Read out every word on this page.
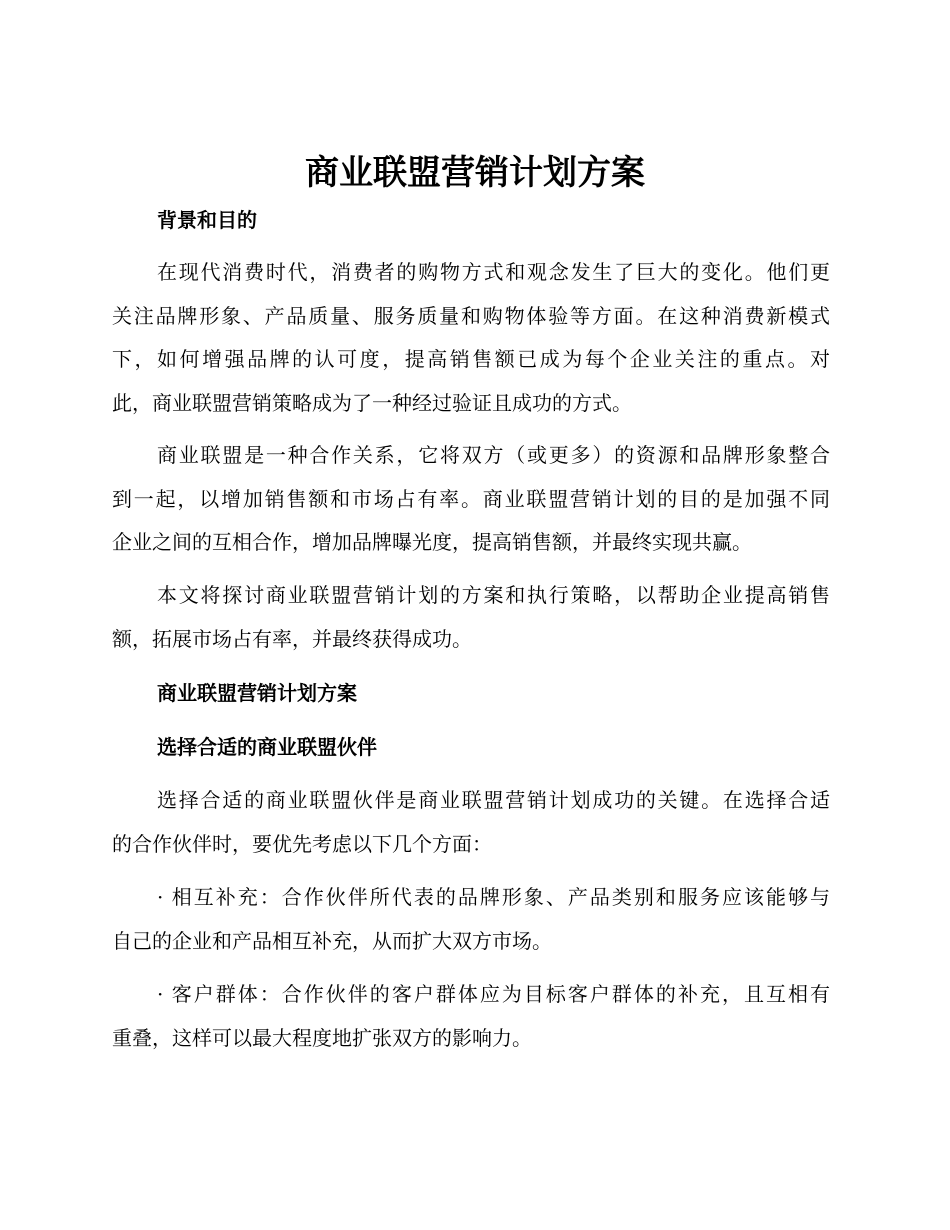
商业联盟营销计划方案
背景和目的

在现代消费时代，消费者的购物方式和观念发生了巨大的变化。他们更
关注品牌形象、产品质量、服务质量和购物体验等方面。在这种消费新模式
下，如何增强品牌的认可度，提高销售额已成为每个企业关注的重点。对
此，商业联盟营销策略成为了一种经过验证且成功的方式。

商业联盟是一种合作关系，它将双方（或更多）的资源和品牌形象整合
到一起，以增加销售额和市场占有率。商业联盟营销计划的目的是加强不同
企业之间的互相合作，增加品牌曝光度，提高销售额，并最终实现共赢。

本文将探讨商业联盟营销计划的方案和执行策略，以帮助企业提高销售
额，拓展市场占有率，并最终获得成功。

商业联盟营销计划方案
选择合适的商业联盟伙伴

选择合适的商业联盟伙伴是商业联盟营销计划成功的关键。在选择合适
的合作伙伴时，要优先考虑以下几个方面：

· 相互补充：合作伙伴所代表的品牌形象、产品类别和服务应该能够与
自己的企业和产品相互补充，从而扩大双方市场。

· 客户群体：合作伙伴的客户群体应为目标客户群体的补充，且互相有
重叠，这样可以最大程度地扩张双方的影响力。
